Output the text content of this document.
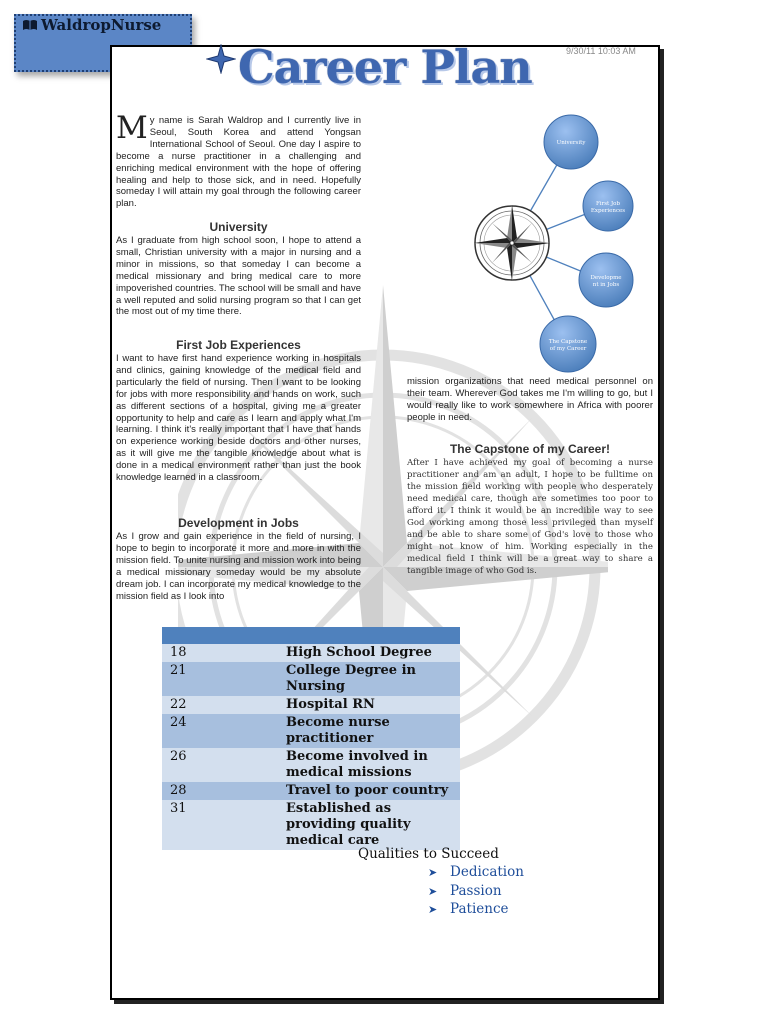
WaldropNurse
9/30/11 10:03 AM
Career Plan
My name is Sarah Waldrop and I currently live in Seoul, South Korea and attend Yongsan International School of Seoul. One day I aspire to become a nurse practitioner in a challenging and enriching medical environment with the hope of offering healing and help to those sick, and in need. Hopefully someday I will attain my goal through the following career plan.
University
As I graduate from high school soon, I hope to attend a small, Christian university with a major in nursing and a minor in missions, so that someday I can become a medical missionary and bring medical care to more impoverished countries. The school will be small and have a well reputed and solid nursing program so that I can get the most out of my time there.
First Job Experiences
I want to have first hand experience working in hospitals and clinics, gaining knowledge of the medical field and particularly the field of nursing. Then I want to be looking for jobs with more responsibility and hands on work, such as different sections of a hospital, giving me a greater opportunity to help and care as I learn and apply what I'm learning. I think it's really important that I have that hands on experience working beside doctors and other nurses, as it will give me the tangible knowledge about what is done in a medical environment rather than just the book knowledge learned in a classroom.
Development in Jobs
As I grow and gain experience in the field of nursing, I hope to begin to incorporate it more and more in with the mission field. To unite nursing and mission work into being a medical missionary someday would be my absolute dream job. I can incorporate my medical knowledge to the mission field as I look into
mission organizations that need medical personnel on their team. Wherever God takes me I'm willing to go, but I would really like to work somewhere in Africa with poorer people in need.
The Capstone of my Career!
After I have achieved my goal of becoming a nurse practitioner and am an adult, I hope to be fulltime on the mission field working with people who desperately need medical care, though are sometimes too poor to afford it. I think it would be an incredible way to see God working among those less privileged than myself and be able to share some of God's love to those who might not know of him. Working especially in the medical field I think will be a great way to share a tangible image of who God is.
University
First Job
Experiences
Developme
nt in Jobs
The Capstone
of my Career

18	High School Degree
21	College Degree in Nursing
22	Hospital RN
24	Become nurse practitioner
26	Become involved in medical missions
28	Travel to poor country
31	Established as providing quality medical care
Qualities to Succeed
➤ Dedication
➤ Passion
➤ Patience
